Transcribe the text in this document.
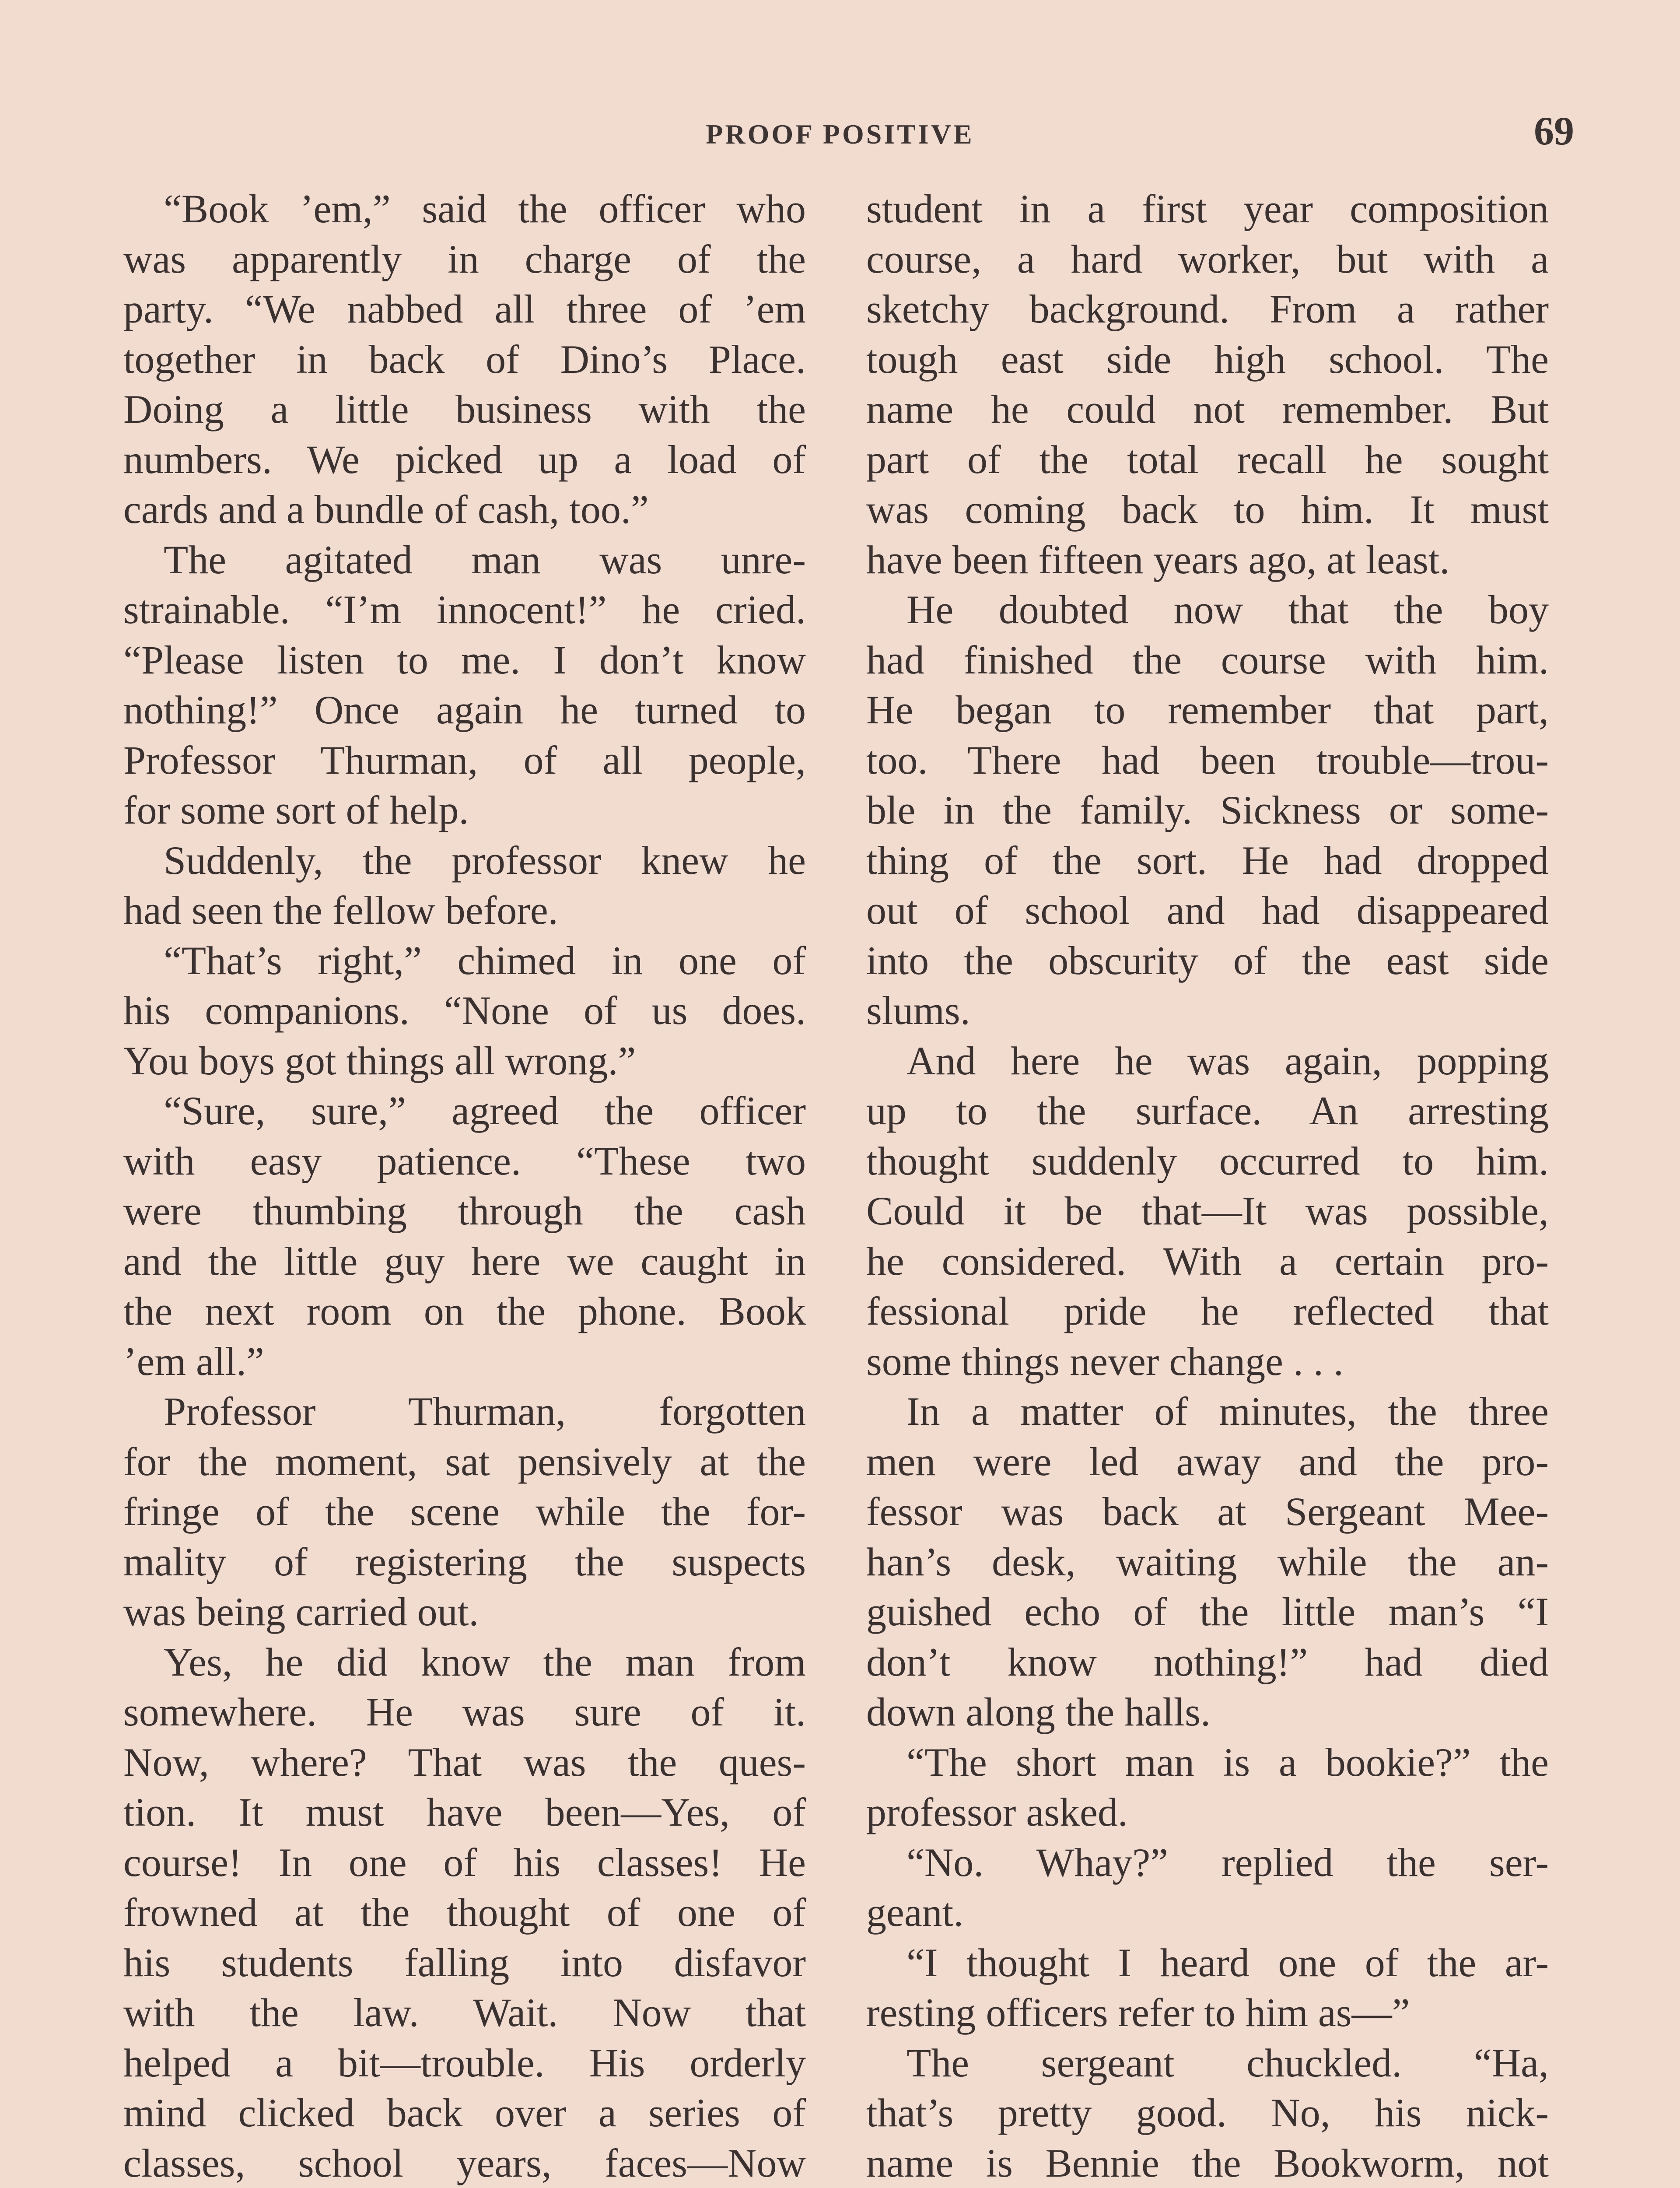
PROOF POSITIVE	69
“Book ’em,” said the officer who
was apparently in charge of the
party. “We nabbed all three of ’em
together in back of Dino’s Place.
Doing a little business with the
numbers. We picked up a load of
cards and a bundle of cash, too.”
The agitated man was unre-
strainable. “I’m innocent!” he cried.
“Please listen to me. I don’t know
nothing!” Once again he turned to
Professor Thurman, of all people,
for some sort of help.
Suddenly, the professor knew he
had seen the fellow before.
“That’s right,” chimed in one of
his companions. “None of us does.
You boys got things all wrong.”
“Sure, sure,” agreed the officer
with easy patience. “These two
were thumbing through the cash
and the little guy here we caught in
the next room on the phone. Book
’em all.”
Professor Thurman, forgotten
for the moment, sat pensively at the
fringe of the scene while the for-
mality of registering the suspects
was being carried out.
Yes, he did know the man from
somewhere. He was sure of it.
Now, where? That was the ques-
tion. It must have been—Yes, of
course! In one of his classes! He
frowned at the thought of one of
his students falling into disfavor
with the law. Wait. Now that
helped a bit—trouble. His orderly
mind clicked back over a series of
classes, school years, faces—Now
student in a first year composition
course, a hard worker, but with a
sketchy background. From a rather
tough east side high school. The
name he could not remember. But
part of the total recall he sought
was coming back to him. It must
have been fifteen years ago, at least.
He doubted now that the boy
had finished the course with him.
He began to remember that part,
too. There had been trouble—trou-
ble in the family. Sickness or some-
thing of the sort. He had dropped
out of school and had disappeared
into the obscurity of the east side
slums.
And here he was again, popping
up to the surface. An arresting
thought suddenly occurred to him.
Could it be that—It was possible,
he considered. With a certain pro-
fessional pride he reflected that
some things never change . . .
In a matter of minutes, the three
men were led away and the pro-
fessor was back at Sergeant Mee-
han’s desk, waiting while the an-
guished echo of the little man’s “I
don’t know nothing!” had died
down along the halls.
“The short man is a bookie?” the
professor asked.
“No. Whay?” replied the ser-
geant.
“I thought I heard one of the ar-
resting officers refer to him as—”
The sergeant chuckled. “Ha,
that’s pretty good. No, his nick-
name is Bennie the Bookworm, not
